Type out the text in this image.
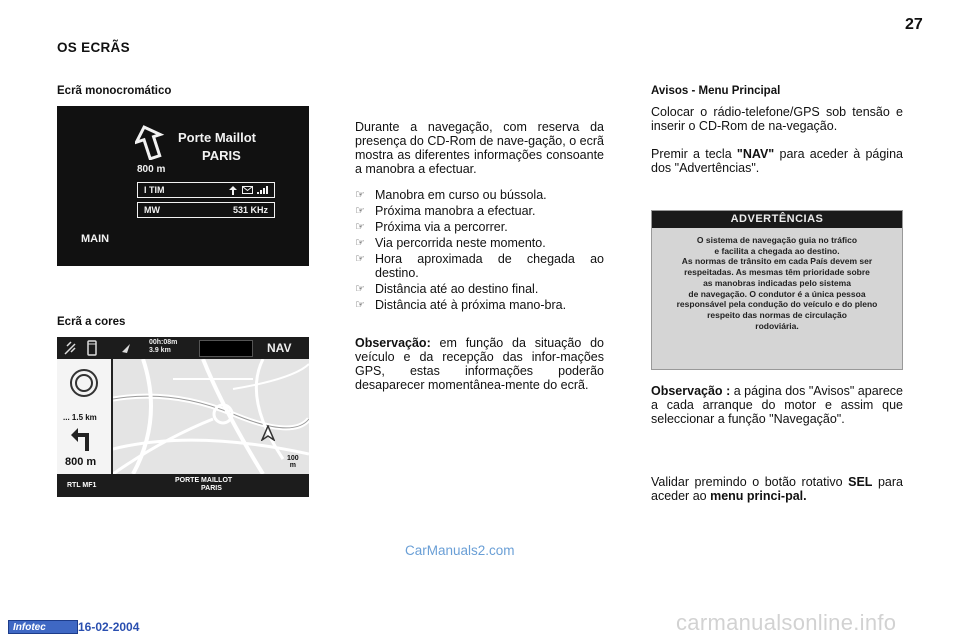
27
OS ECRÃS
Ecrã monocromático
Porte Maillot
PARIS
800 m
I TIM
MW	531 KHz
MAIN
Ecrã a cores
00h:08m
3.9 km	NAV
... 1.5 km
800 m	100
m
RTL MF1
PORTE MAILLOT
PARIS
Durante a navegação, com reserva da presença do CD-Rom de nave-gação, o ecrã mostra as diferentes informações consoante a manobra a efectuar.
☞ Manobra em curso ou bússola.
☞ Próxima manobra a efectuar.
☞ Próxima via a percorrer.
☞ Via percorrida neste momento.
☞ Hora aproximada de chegada ao destino.
☞ Distância até ao destino final.
☞ Distância até à próxima mano-bra.
Observação: em função da situação do veículo e da recepção das infor-mações GPS, estas informações poderão desaparecer momentânea-mente do ecrã.
Avisos - Menu Principal
Colocar o rádio-telefone/GPS sob tensão e inserir o CD-Rom de na-vegação.
Premir a tecla "NAV" para aceder à página dos "Advertências".
ADVERTÊNCIAS
O sistema de navegação guia no tráfico
e facilita a chegada ao destino.
As normas de trânsito em cada País devem ser
respeitadas. As mesmas têm prioridade sobre
as manobras indicadas pelo sistema
de navegação. O condutor é a única pessoa
responsável pela condução do veículo e do pleno
respeito das normas de circulação
rodoviária.
Observação : a página dos "Avisos" aparece a cada arranque do motor e assim que seleccionar a função "Navegação".
Validar premindo o botão rotativo SEL para aceder ao menu princi-pal.
CarManuals2.com
Infotec	16-02-2004	carmanualsonline.info
